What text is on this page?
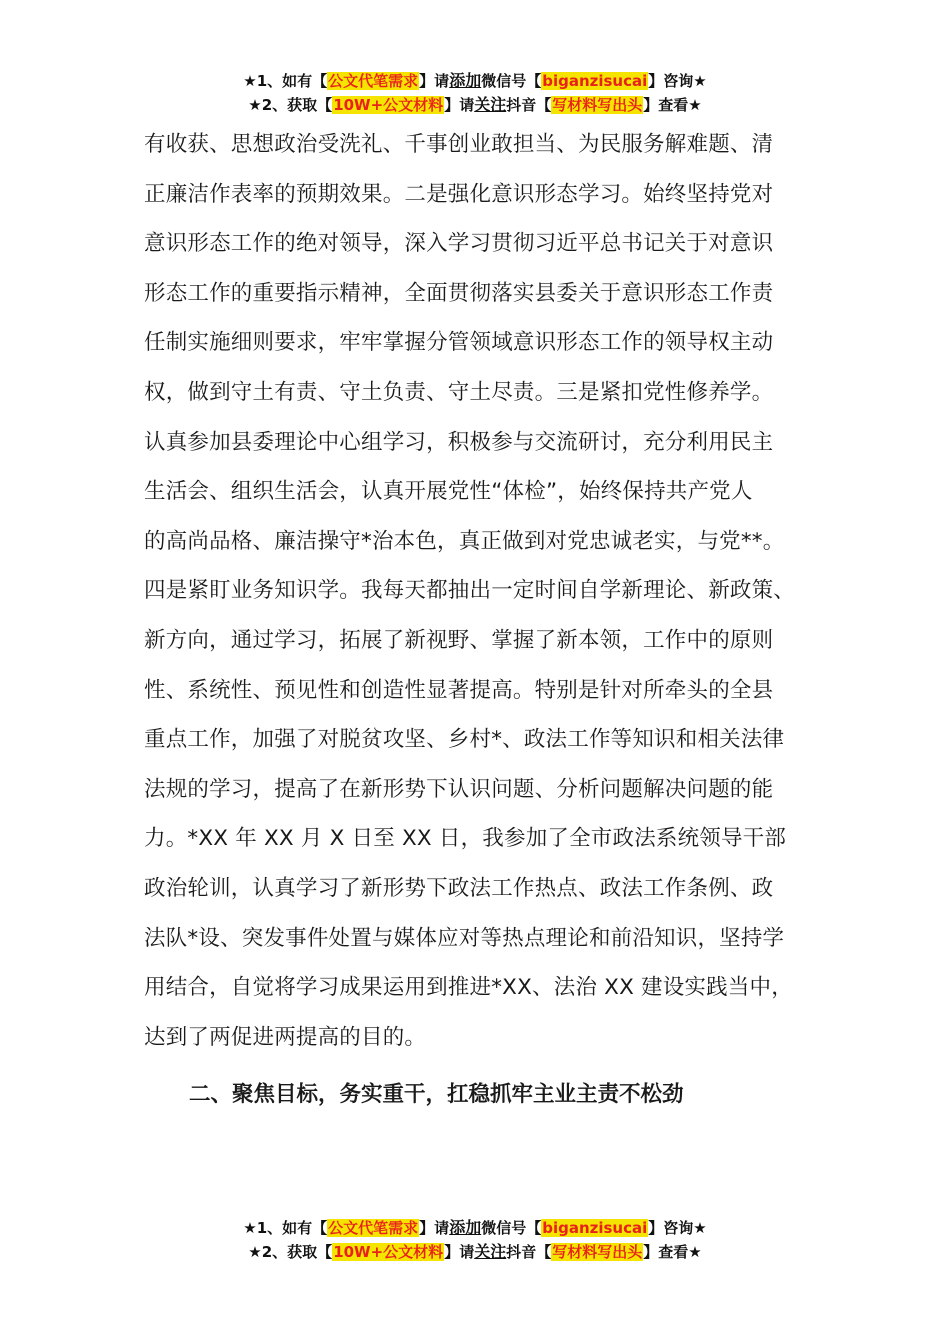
★1、如有【公文代笔需求】请添加微信号【biganzisucai】咨询★
★2、获取【10W+公文材料】请关注抖音【写材料写出头】查看★
有收获、思想政治受洗礼、千事创业敢担当、为民服务解难题、清
正廉洁作表率的预期效果。二是强化意识形态学习。始终坚持党对
意识形态工作的绝对领导，深入学习贯彻习近平总书记关于对意识
形态工作的重要指示精神，全面贯彻落实县委关于意识形态工作责
任制实施细则要求，牢牢掌握分管领域意识形态工作的领导权主动
权，做到守土有责、守土负责、守土尽责。三是紧扣党性修养学。
认真参加县委理论中心组学习，积极参与交流研讨，充分利用民主
生活会、组织生活会，认真开展党性“体检”，始终保持共产党人
的高尚品格、廉洁操守*治本色，真正做到对党忠诚老实，与党**。
四是紧盯业务知识学。我每天都抽出一定时间自学新理论、新政策、
新方向，通过学习，拓展了新视野、掌握了新本领，工作中的原则
性、系统性、预见性和创造性显著提高。特别是针对所牵头的全县
重点工作，加强了对脱贫攻坚、乡村*、政法工作等知识和相关法律
法规的学习，提高了在新形势下认识问题、分析问题解决问题的能
力。*XX 年 XX 月 X 日至 XX 日，我参加了全市政法系统领导干部
政治轮训，认真学习了新形势下政法工作热点、政法工作条例、政
法队*设、突发事件处置与媒体应对等热点理论和前沿知识，坚持学
用结合，自觉将学习成果运用到推进*XX、法治 XX 建设实践当中，
达到了两促进两提高的目的。
二、聚焦目标，务实重干，扛稳抓牢主业主责不松劲
★1、如有【公文代笔需求】请添加微信号【biganzisucai】咨询★
★2、获取【10W+公文材料】请关注抖音【写材料写出头】查看★
